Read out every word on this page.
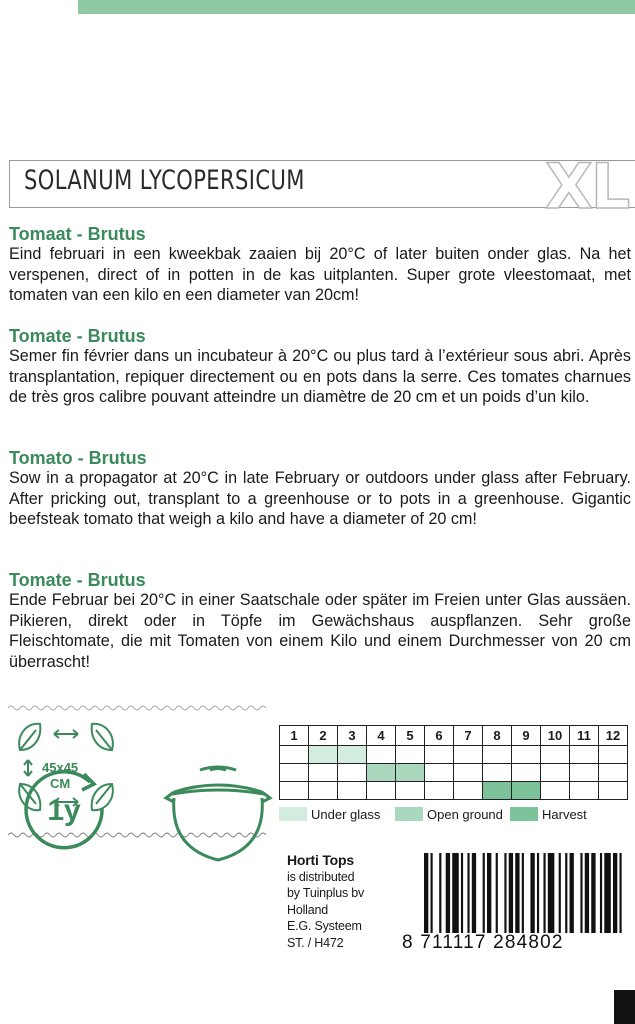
SOLANUM LYCOPERSICUM	XL
Tomaat - Brutus

Eind februari in een kweekbak zaaien bij 20°C of later buiten onder glas. Na het verspenen, direct of in potten in de kas uitplanten. Super grote vleestomaat, met tomaten van een kilo en een diameter van 20cm!

Tomate - Brutus

Semer fin février dans un incubateur à 20°C ou plus tard à l’extérieur sous abri. Après transplantation, repiquer directement ou en pots dans la serre. Ces tomates charnues de très gros calibre pouvant atteindre un diamètre de 20 cm et un poids d’un kilo.

Tomato - Brutus

Sow in a propagator at 20°C in late February or outdoors under glass after February. After pricking out, transplant to a greenhouse or to pots in a greenhouse. Gigantic beefsteak tomato that weigh a kilo and have a diameter of 20 cm!

Tomate - Brutus

Ende Februar bei 20°C in einer Saatschale oder später im Freien unter Glas aussäen. Pikieren, direkt oder in Töpfe im Gewächshaus auspflanzen. Sehr große Fleischtomate, die mit Tomaten von einem Kilo und einem Durchmesser von 20 cm überrascht!

45x45
CM
1y
1	2	3	4	5	6	7	8	9	10	11	12

Under glass	Open ground	Harvest
Horti Tops
is distributed
by Tuinplus bv
Holland
E.G. Systeem
ST. / H472	8 711117 284802
